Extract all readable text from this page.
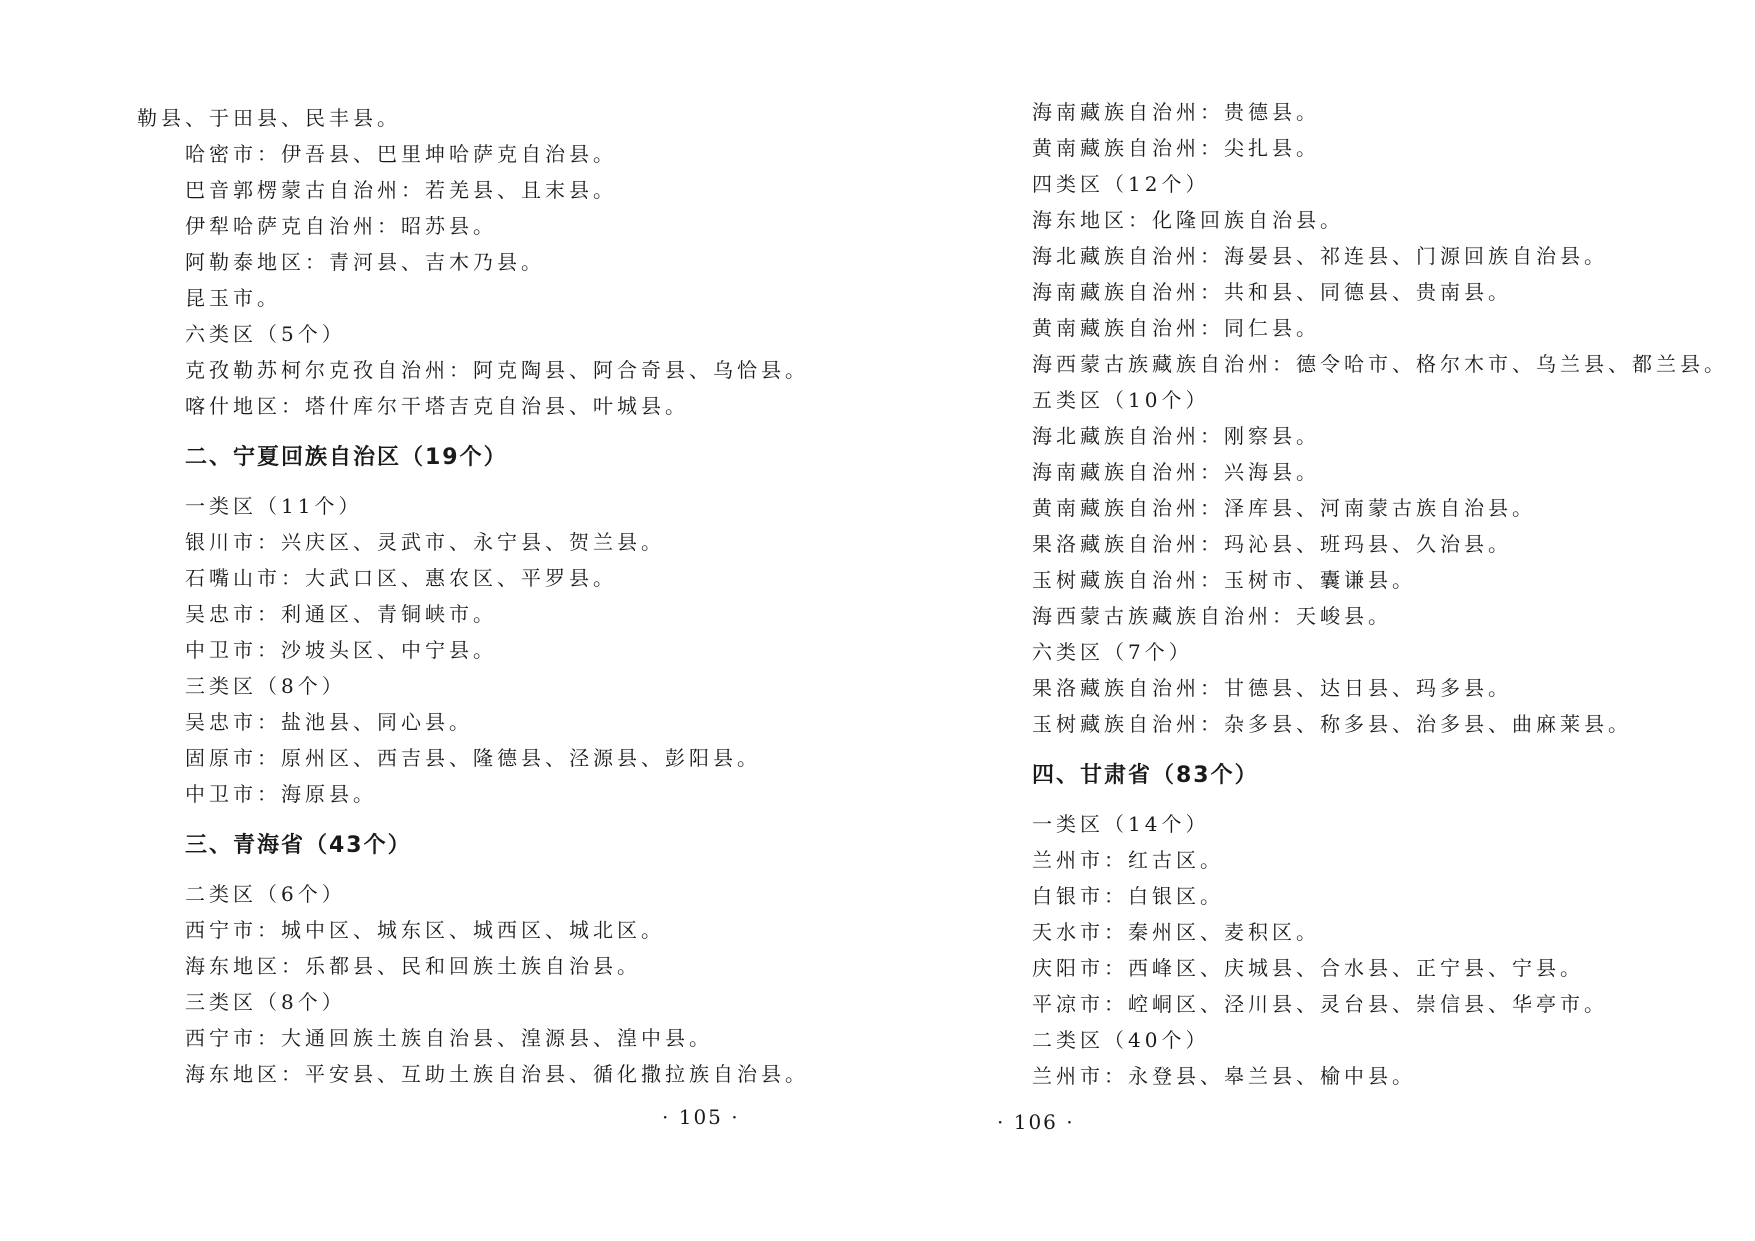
勒县、于田县、民丰县。
哈密市：伊吾县、巴里坤哈萨克自治县。
巴音郭楞蒙古自治州：若羌县、且末县。
伊犁哈萨克自治州：昭苏县。
阿勒泰地区：青河县、吉木乃县。
昆玉市。
六类区（5个）
克孜勒苏柯尔克孜自治州：阿克陶县、阿合奇县、乌恰县。
喀什地区：塔什库尔干塔吉克自治县、叶城县。
二、宁夏回族自治区（19个）
一类区（11个）
银川市：兴庆区、灵武市、永宁县、贺兰县。
石嘴山市：大武口区、惠农区、平罗县。
吴忠市：利通区、青铜峡市。
中卫市：沙坡头区、中宁县。
三类区（8个）
吴忠市：盐池县、同心县。
固原市：原州区、西吉县、隆德县、泾源县、彭阳县。
中卫市：海原县。
三、青海省（43个）
二类区（6个）
西宁市：城中区、城东区、城西区、城北区。
海东地区：乐都县、民和回族土族自治县。
三类区（8个）
西宁市：大通回族土族自治县、湟源县、湟中县。
海东地区：平安县、互助土族自治县、循化撒拉族自治县。
· 105 ·
海南藏族自治州：贵德县。
黄南藏族自治州：尖扎县。
四类区（12个）
海东地区：化隆回族自治县。
海北藏族自治州：海晏县、祁连县、门源回族自治县。
海南藏族自治州：共和县、同德县、贵南县。
黄南藏族自治州：同仁县。
海西蒙古族藏族自治州：德令哈市、格尔木市、乌兰县、都兰县。
五类区（10个）
海北藏族自治州：刚察县。
海南藏族自治州：兴海县。
黄南藏族自治州：泽库县、河南蒙古族自治县。
果洛藏族自治州：玛沁县、班玛县、久治县。
玉树藏族自治州：玉树市、囊谦县。
海西蒙古族藏族自治州：天峻县。
六类区（7个）
果洛藏族自治州：甘德县、达日县、玛多县。
玉树藏族自治州：杂多县、称多县、治多县、曲麻莱县。
四、甘肃省（83个）
一类区（14个）
兰州市：红古区。
白银市：白银区。
天水市：秦州区、麦积区。
庆阳市：西峰区、庆城县、合水县、正宁县、宁县。
平凉市：崆峒区、泾川县、灵台县、崇信县、华亭市。
二类区（40个）
兰州市：永登县、皋兰县、榆中县。
· 106 ·
